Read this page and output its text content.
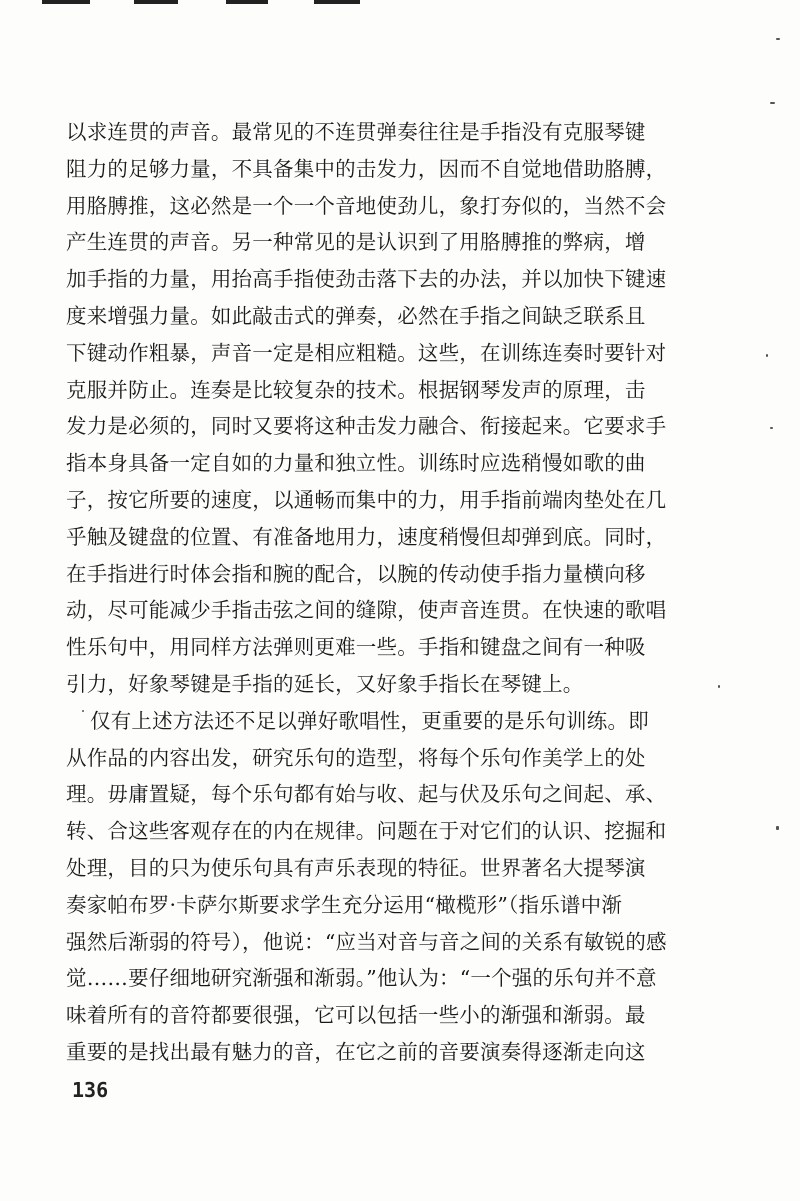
以求连贯的声音。最常见的不连贯弹奏往往是手指没有克服琴键
阻力的足够力量，不具备集中的击发力，因而不自觉地借助胳膊，
用胳膊推，这必然是一个一个音地使劲儿，象打夯似的，当然不会
产生连贯的声音。另一种常见的是认识到了用胳膊推的弊病，增
加手指的力量，用抬高手指使劲击落下去的办法，并以加快下键速
度来增强力量。如此敲击式的弹奏，必然在手指之间缺乏联系且
下键动作粗暴，声音一定是相应粗糙。这些，在训练连奏时要针对
克服并防止。连奏是比较复杂的技术。根据钢琴发声的原理，击
发力是必须的，同时又要将这种击发力融合、衔接起来。它要求手
指本身具备一定自如的力量和独立性。训练时应选稍慢如歌的曲
子，按它所要的速度，以通畅而集中的力，用手指前端肉垫处在几
乎触及键盘的位置、有准备地用力，速度稍慢但却弹到底。同时，
在手指进行时体会指和腕的配合，以腕的传动使手指力量横向移
动，尽可能减少手指击弦之间的缝隙，使声音连贯。在快速的歌唱
性乐句中，用同样方法弹则更难一些。手指和键盘之间有一种吸
引力，好象琴键是手指的延长，又好象手指长在琴键上。
仅有上述方法还不足以弹好歌唱性，更重要的是乐句训练。即
从作品的内容出发，研究乐句的造型，将每个乐句作美学上的处
理。毋庸置疑，每个乐句都有始与收、起与伏及乐句之间起、承、
转、合这些客观存在的内在规律。问题在于对它们的认识、挖掘和
处理，目的只为使乐句具有声乐表现的特征。世界著名大提琴演
奏家帕布罗·卡萨尔斯要求学生充分运用“橄榄形”（指乐谱中渐
强然后渐弱的符号），他说：“应当对音与音之间的关系有敏锐的感
觉……要仔细地研究渐强和渐弱。”他认为：“一个强的乐句并不意
味着所有的音符都要很强，它可以包括一些小的渐强和渐弱。最
重要的是找出最有魅力的音，在它之前的音要演奏得逐渐走向这
136
